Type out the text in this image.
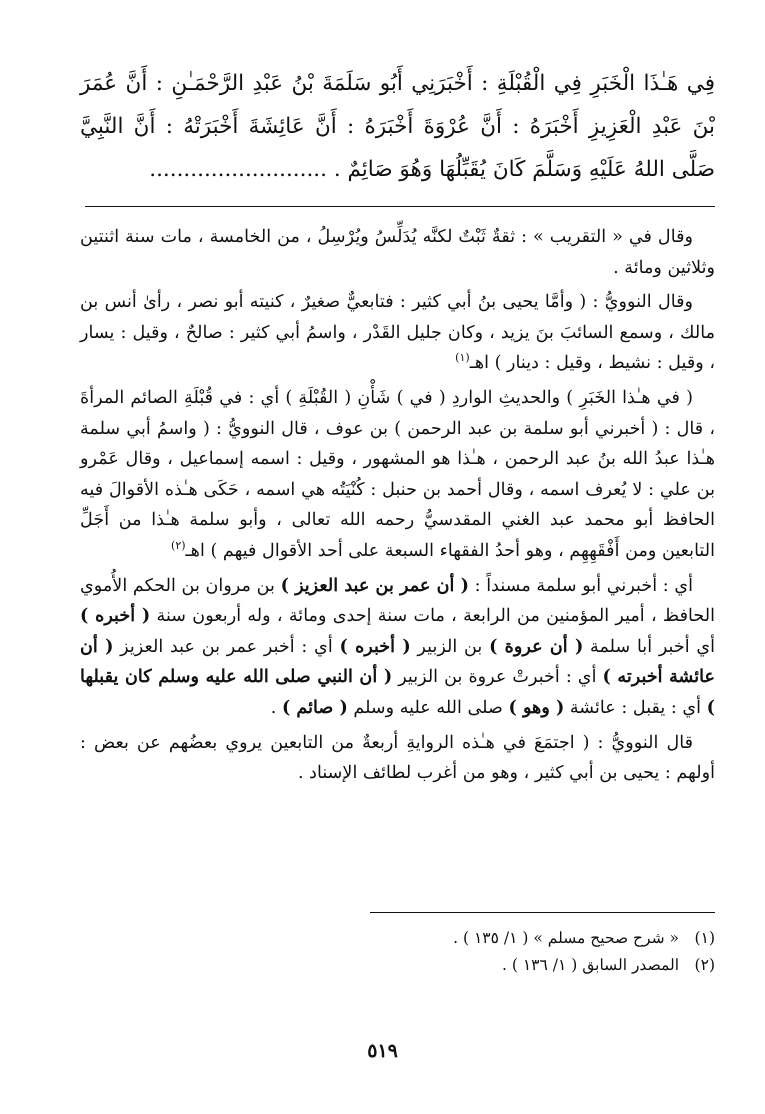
فِي هَـٰذَا الْخَبَرِ فِي الْقُبْلَةِ : أَخْبَرَنِي أَبُو سَلَمَةَ بْنُ عَبْدِ الرَّحْمَـٰنِ : أَنَّ عُمَرَ بْنَ عَبْدِ الْعَزِيزِ أَخْبَرَهُ : أَنَّ عُرْوَةَ أَخْبَرَهُ : أَنَّ عَائِشَةَ أَخْبَرَتْهُ : أَنَّ النَّبِيَّ صَلَّى اللهُ عَلَيْهِ وَسَلَّمَ كَانَ يُقَبِّلُهَا وَهُوَ صَائِمٌ . ..........................

وقال في « التقريب » : ثقةٌ ثَبْتٌ لكنَّه يُدَلِّسُ ويُرْسِلُ ، من الخامسة ، مات سنة اثنتين وثلاثين ومائة .

وقال النوويُّ : ( وأمَّا يحيى بنُ أبي كثير : فتابعيٌّ صغيرٌ ، كنيته أبو نصر ، رأىٰ أنس بن مالك ، وسمع السائبَ بنَ يزيد ، وكان جليل القَدْر ، واسمُ أبي كثير : صالحٌ ، وقيل : يسار ، وقيل : نشيط ، وقيل : دينار ) اهـ$^{(١)}$

( في هـٰذا الخَبَرِ ) والحديثِ الواردِ ( في ) شَأْنِ ( القُبْلَةِ ) أي : في قُبْلَةِ الصائم المرأةَ ، قال : ( أخبرني أبو سلمة بن عبد الرحمن ) بن عوف ، قال النوويُّ : ( واسمُ أبي سلمة هـٰذا عبدُ الله بنُ عبد الرحمن ، هـٰذا هو المشهور ، وقيل : اسمه إسماعيل ، وقال عَمْرو بن علي : لا يُعرف اسمه ، وقال أحمد بن حنبل : كُنْيَتُه هي اسمه ، حَكَى هـٰذه الأقوالَ فيه الحافظ أبو محمد عبد الغني المقدسيُّ رحمه الله تعالى ، وأبو سلمة هـٰذا من أَجَلِّ التابعين ومن أَفْقَهِهِم ، وهو أحدُ الفقهاء السبعة على أحد الأقوال فيهم ) اهـ$^{(٢)}$

أي : أخبرني أبو سلمة مسنداً : ( أن عمر بن عبد العزيز ) بن مروان بن الحكم الأُموي الحافظ ، أمير المؤمنين من الرابعة ، مات سنة إحدى ومائة ، وله أربعون سنة ( أخبره ) أي أخبر أبا سلمة ( أن عروة ) بن الزبير ( أخبره ) أي : أخبر عمر بن عبد العزيز ( أن عائشة أخبرته ) أي : أخبرتْ عروة بن الزبير ( أن النبي صلى الله عليه وسلم كان يقبلها ) أي : يقبل : عائشة ( وهو ) صلى الله عليه وسلم ( صائم ) .

قال النوويُّ : ( اجتمَعَ في هـٰذه الروايةِ أربعةٌ من التابعين يروي بعضُهم عن بعض : أولهم : يحيى بن أبي كثير ، وهو من أغرب لطائف الإسناد .

(١)« شرح صحيح مسلم » ( ١/ ١٣٥ ) .
(٢)المصدر السابق ( ١/ ١٣٦ ) .
٥١٩
